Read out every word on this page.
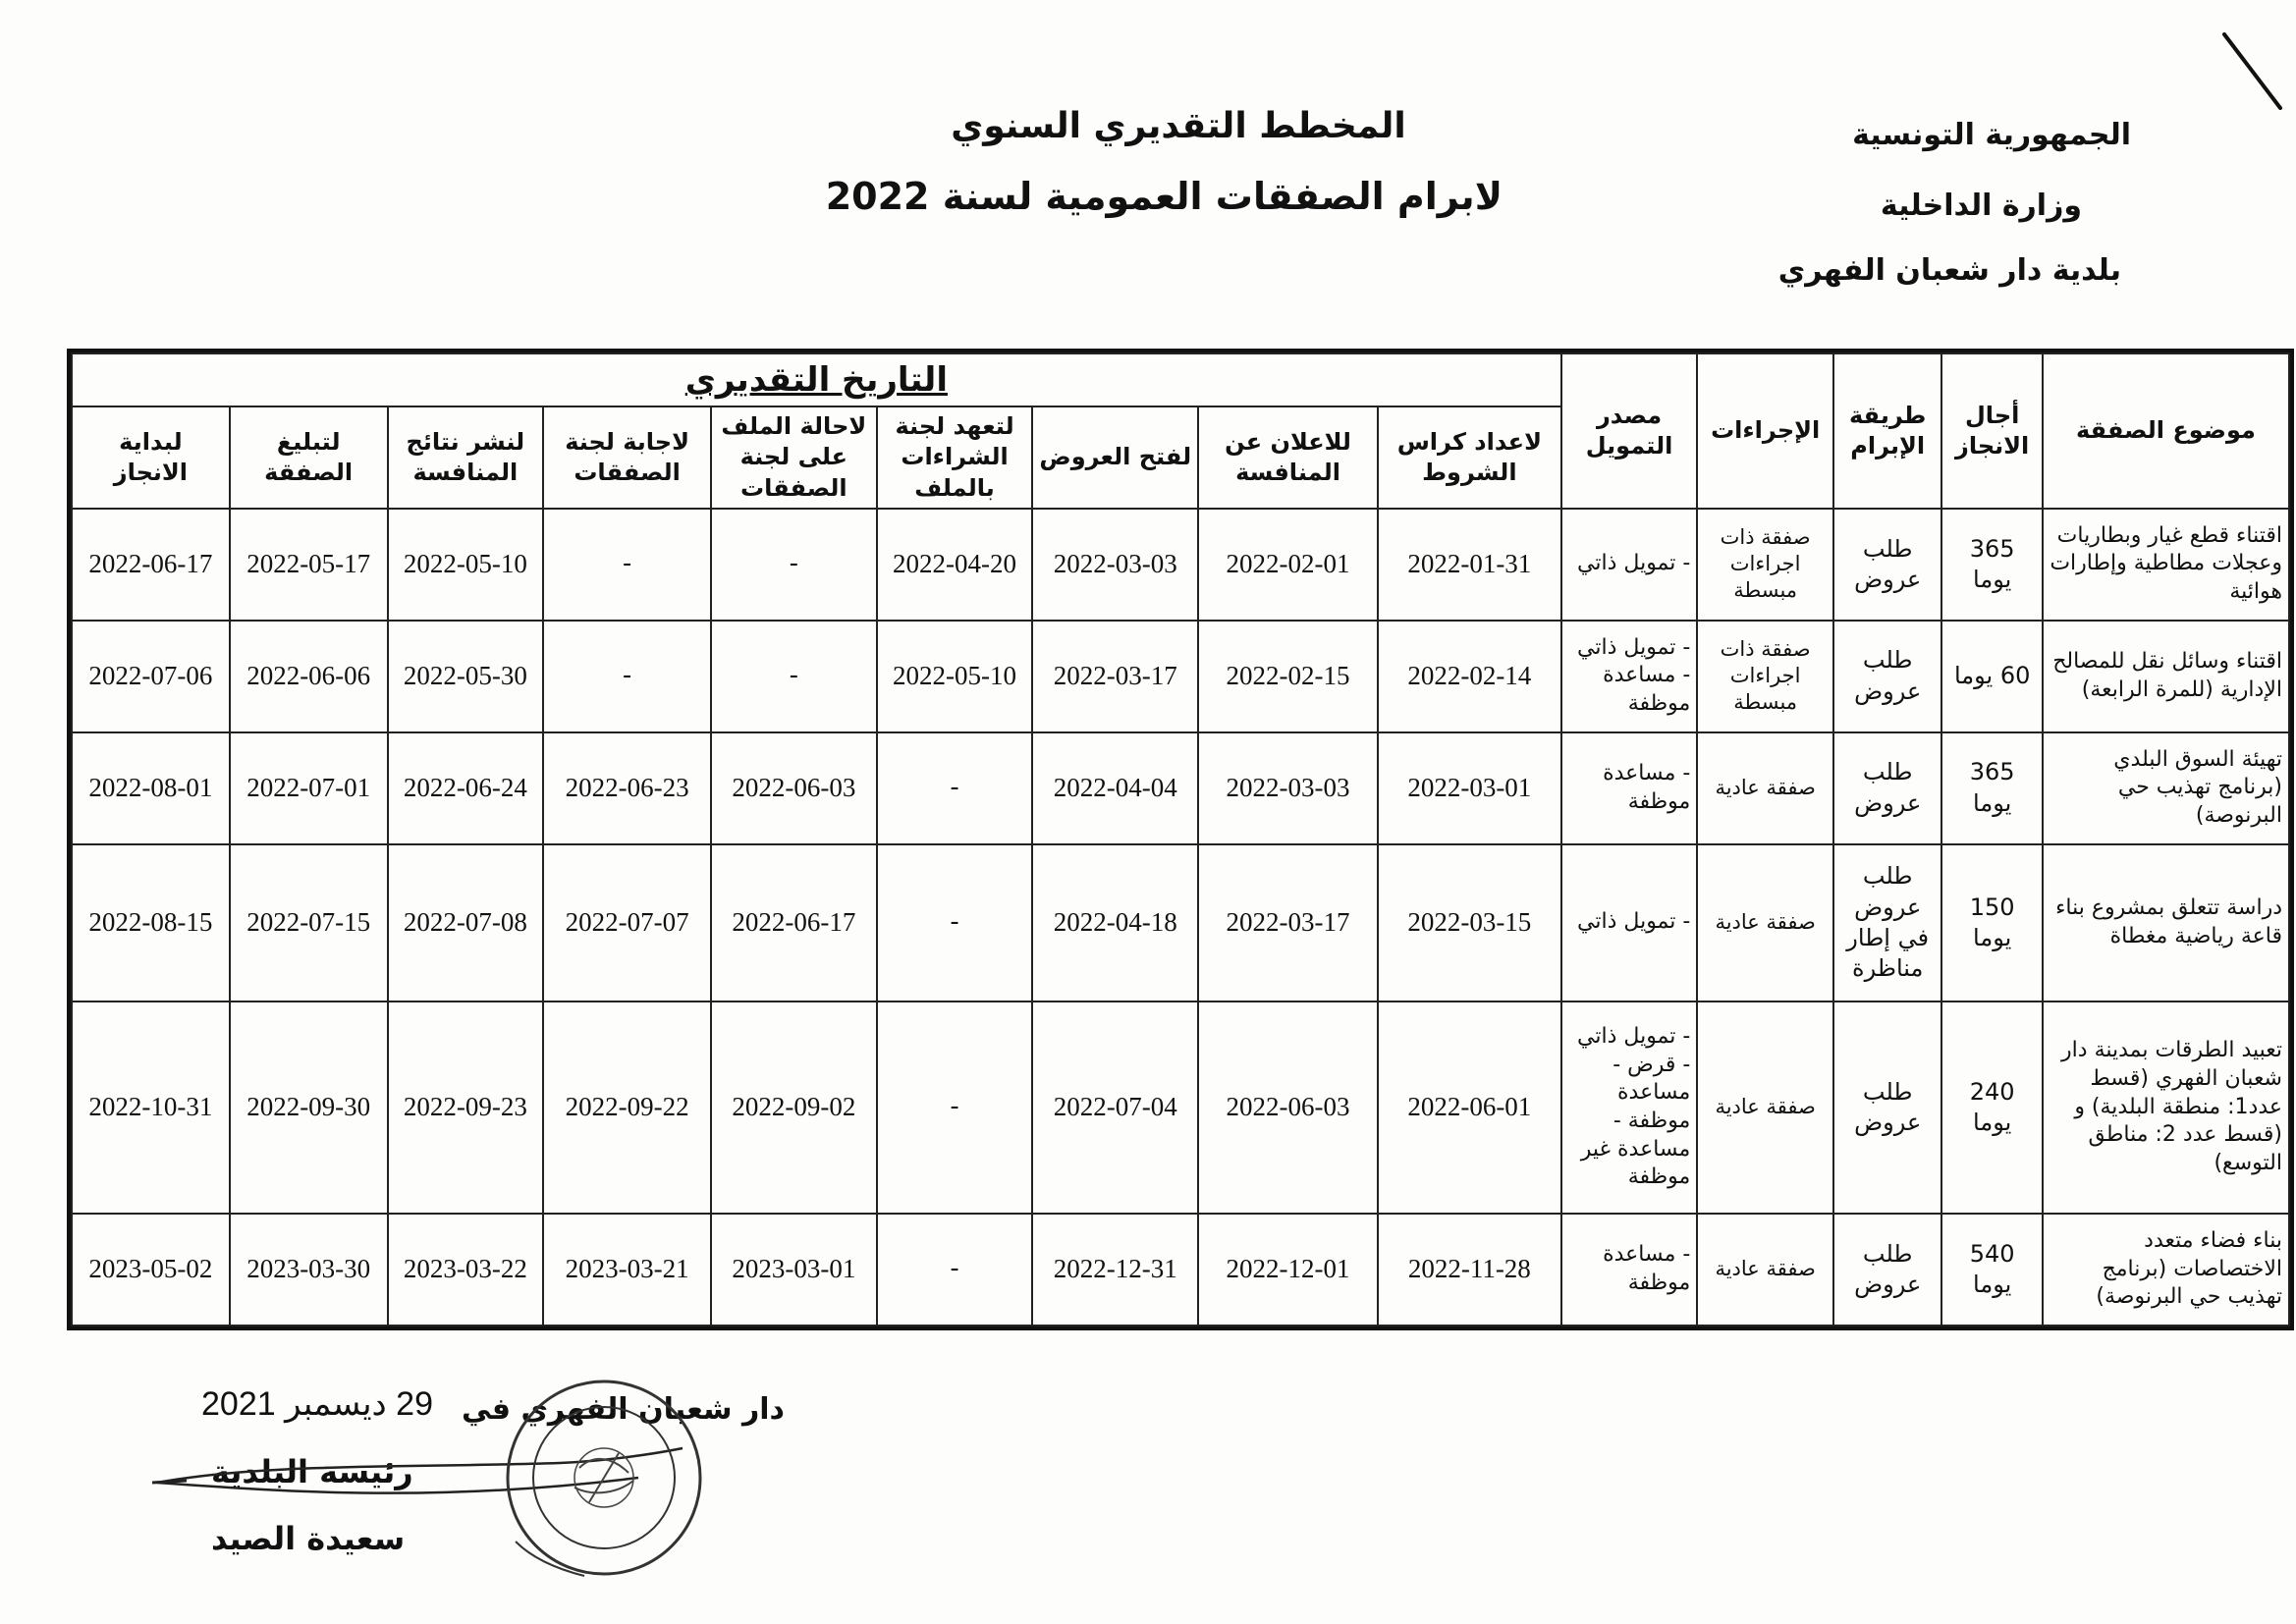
المخطط التقديري السنوي
لابرام الصفقات العمومية لسنة 2022
الجمهورية التونسية
وزارة الداخلية
بلدية دار شعبان الفهري
موضوع الصفقة	أجال الانجاز	طريقة الإبرام	الإجراءات	مصدر التمويل	التاريخ التقديري								
					لاعداد كراس الشروط	للاعلان عن المنافسة	لفتح العروض	لتعهد لجنة الشراءات بالملف	لاحالة الملف على لجنة الصفقات	لاجابة لجنة الصفقات	لنشر نتائج المنافسة	لتبليغ الصفقة	لبداية الانجاز
اقتناء قطع غيار وبطاريات وعجلات مطاطية وإطارات هوائية	365 يوما	طلب عروض	صفقة ذات اجراءات مبسطة	- تمويل ذاتي	2022-01-31	2022-02-01	2022-03-03	2022-04-20	-	-	2022-05-10	2022-05-17	2022-06-17
اقتناء وسائل نقل للمصالح الإدارية (للمرة الرابعة)	60 يوما	طلب عروض	صفقة ذات اجراءات مبسطة	- تمويل ذاتي - مساعدة موظفة	2022-02-14	2022-02-15	2022-03-17	2022-05-10	-	-	2022-05-30	2022-06-06	2022-07-06
تهيئة السوق البلدي (برنامج تهذيب حي البرنوصة)	365 يوما	طلب عروض	صفقة عادية	- مساعدة موظفة	2022-03-01	2022-03-03	2022-04-04	-	2022-06-03	2022-06-23	2022-06-24	2022-07-01	2022-08-01
دراسة تتعلق بمشروع بناء قاعة رياضية مغطاة	150 يوما	طلب عروض في إطار مناظرة	صفقة عادية	- تمويل ذاتي	2022-03-15	2022-03-17	2022-04-18	-	2022-06-17	2022-07-07	2022-07-08	2022-07-15	2022-08-15
تعبيد الطرقات بمدينة دار شعبان الفهري (قسط عدد1: منطقة البلدية) و (قسط عدد 2: مناطق التوسع)	240 يوما	طلب عروض	صفقة عادية	- تمويل ذاتي - قرض - مساعدة موظفة - مساعدة غير موظفة	2022-06-01	2022-06-03	2022-07-04	-	2022-09-02	2022-09-22	2022-09-23	2022-09-30	2022-10-31
بناء فضاء متعدد الاختصاصات (برنامج تهذيب حي البرنوصة)	540 يوما	طلب عروض	صفقة عادية	- مساعدة موظفة	2022-11-28	2022-12-01	2022-12-31	-	2023-03-01	2023-03-21	2023-03-22	2023-03-30	2023-05-02
دار شعبان الفهري في
29 ديسمبر 2021
رئيسة البلدية
سعيدة الصيد
